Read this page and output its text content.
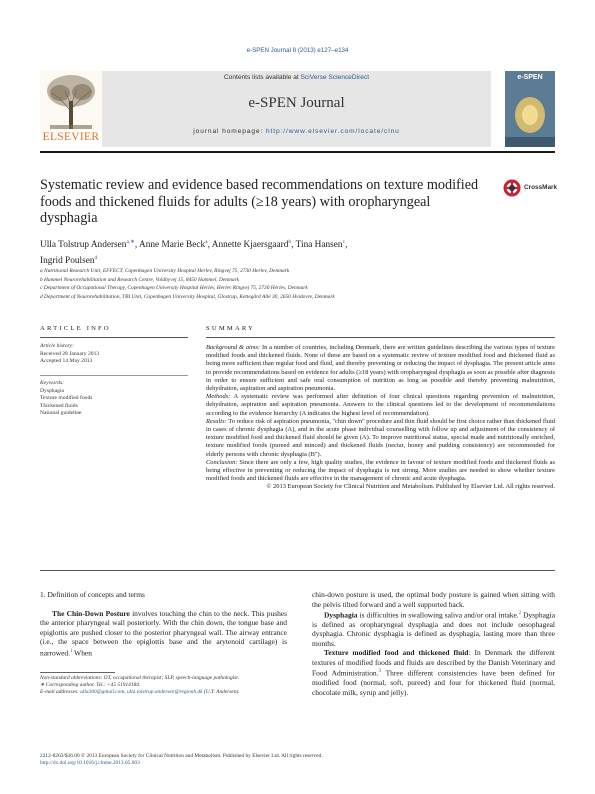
e-SPEN Journal 8 (2013) e127–e134
ELSEVIER
Contents lists available at SciVerse ScienceDirect
e-SPEN Journal
journal homepage: http://www.elsevier.com/locate/clnu
e-SPEN
Systematic review and evidence based recommendations on texture modified foods and thickened fluids for adults (≥18 years) with oropharyngeal dysphagia
CrossMark
Ulla Tolstrup Andersen$^{a,∗}$, Anne Marie Beck$^a$, Annette Kjaersgaard$^b$, Tina Hansen$^c$,
Ingrid Poulsen$^d$
a Nutritional Research Unit, EFFECT, Copenhagen University Hospital Herlev, Ringvej 75, 2730 Herlev, Denmark
b Hammel Neurorehabilitation and Research Centre, Voldbyvej 15, 8450 Hammel, Denmark
c Department of Occupational Therapy, Copenhagen University Hospital Herlev, Herlev Ringvej 75, 2730 Herlev, Denmark
d Department of Neurorehabilitation, TBI Unit, Copenhagen University Hospital, Glostrup, Kettegård Allé 30, 2650 Hvidovre, Denmark
ARTICLE INFO	SUMMARY
Article history:
Received 28 January 2013
Accepted 14 May 2013
Keywords:
Dysphagia
Texture modified foods
Thickened fluids
National guideline

Background & aims: In a number of countries, including Denmark, there are written guidelines describing the various types of texture modified foods and thickened fluids. None of these are based on a systematic review of texture modified food and thickened fluid as being more sufficient than regular food and fluid, and thereby preventing or reducing the impact of dysphagia. The present article aims to provide recommendations based on evidence for adults (≥18 years) with oropharyngeal dysphagia as soon as possible after diagnosis in order to ensure sufficient and safe oral consumption of nutrition as long as possible and thereby preventing malnutrition, dehydration, aspiration and aspiration pneumonia.

Methods: A systematic review was performed after definition of four clinical questions regarding prevention of malnutrition, dehydration, aspiration and aspiration pneumonia. Answers to the clinical questions led to the development of recommendations according to the evidence hierarchy (A indicates the highest level of recommendation).

Results: To reduce risk of aspiration pneumonia, "chin down" procedure and thin fluid should be first choice rather than thickened fluid in cases of chronic dysphagia (A), and in the acute phase individual counselling with follow up and adjustment of the consistency of texture modified food and thickened fluid should be given (A). To improve nutritional status, special made and nutritionally enriched, texture modified foods (pureed and minced) and thickened fluids (nectar, honey and pudding consistency) are recommended for elderly persons with chronic dysphagia (B").

Conclusion: Since there are only a few, high quality studies, the evidence in favour of texture modified foods and thickened fluids as being effective in preventing or reducing the impact of dysphagia is not strong. More studies are needed to show whether texture modified foods and thickened fluids are effective in the management of chronic and acute dysphagia.

© 2013 European Society for Clinical Nutrition and Metabolism. Published by Elsevier Ltd. All rights reserved.

1. Definition of concepts and terms

The Chin-Down Posture involves touching the chin to the neck. This pushes the anterior pharyngeal wall posteriorly. With the chin down, the tongue base and epiglottis are pushed closer to the posterior pharyngeal wall. The airway entrance (i.e., the space between the epiglottis base and the arytenoid cartilage) is narrowed.$^1$ When

Non-standard abbreviations: OT, occupational therapist; SLP, speech-language pathologist.

∗ Corresponding author. Tel.: +45 51914184.

E-mail addresses: ulla300@gmail.com, ulla.tolstrup.andersen@regionh.dk (U.T. Andersen).

chin-down posture is used, the optimal body posture is gained when sitting with the pelvis tilted forward and a well supported back.

Dysphagia is difficulties in swallowing saliva and/or oral intake.$^2$ Dysphagia is defined as oropharyngeal dysphagia and does not include oesophageal dysphagia. Chronic dysphagia is defined as dysphagia, lasting more than three months.

Texture modified food and thickened fluid: In Denmark the different textures of modified foods and fluids are described by the Danish Veterinary and Food Administration.$^3$ Three different consistencies have been defined for modified food (normal, soft, pureed) and four for thickened fluid (normal, chocolate milk, syrup and jelly).

2212-8263/$36.00 © 2013 European Society for Clinical Nutrition and Metabolism. Published by Elsevier Ltd. All rights reserved.
http://dx.doi.org/10.1016/j.clnme.2013.05.003
